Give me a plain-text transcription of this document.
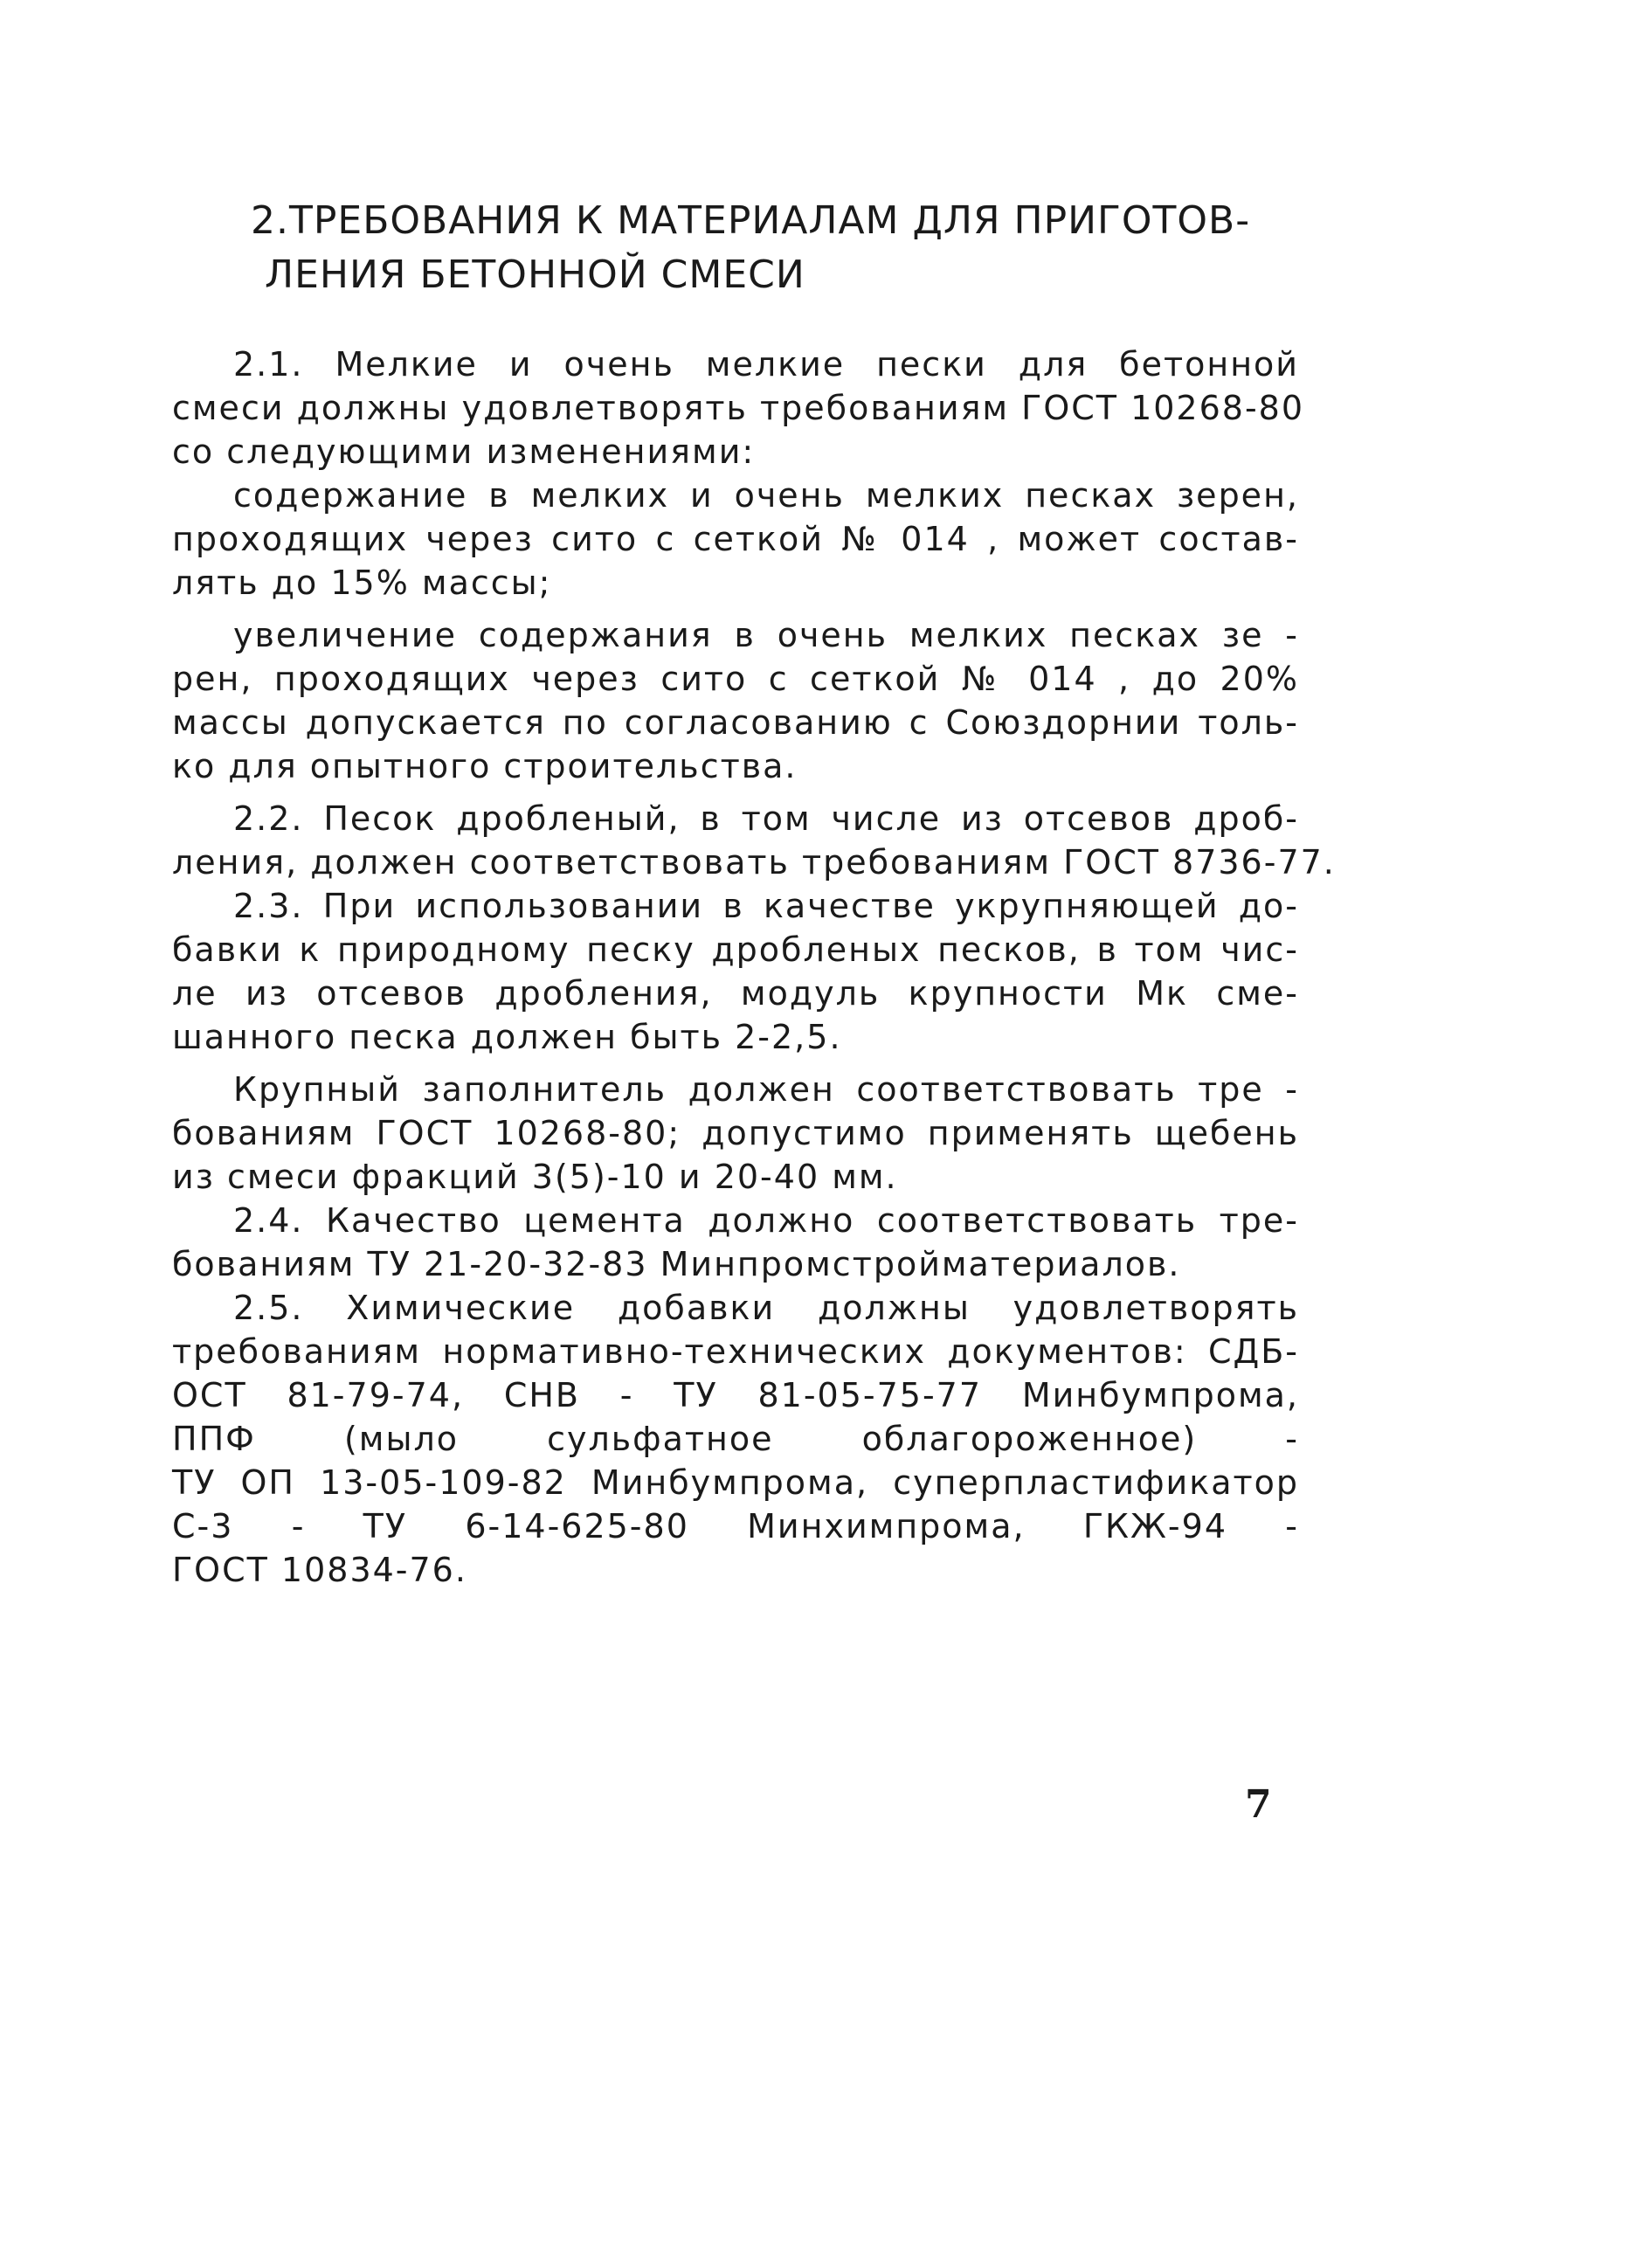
2.ТРЕБОВАНИЯ К МАТЕРИАЛАМ ДЛЯ ПРИГОТОВ-
ЛЕНИЯ БЕТОННОЙ СМЕСИ
2.1. Мелкие и очень мелкие пески для бетонной
смеси должны удовлетворять требованиям ГОСТ 10268-80
со следующими изменениями:
содержание в мелких и очень мелких песках зерен,
проходящих через сито с сеткой № 014 , может состав-
лять до 15% массы;
увеличение содержания в очень мелких песках зе -
рен, проходящих через сито с сеткой № 014 , до 20%
массы допускается по согласованию с Союздорнии толь-
ко для опытного строительства.
2.2. Песок дробленый, в том числе из отсевов дроб-
ления, должен соответствовать требованиям ГОСТ 8736-77.
2.3. При использовании в качестве укрупняющей до-
бавки к природному песку дробленых песков, в том чис-
ле из отсевов дробления, модуль крупности Мк сме-
шанного песка должен быть 2-2,5.
Крупный заполнитель должен соответствовать тре -
бованиям ГОСТ 10268-80; допустимо применять щебень
из смеси фракций 3(5)-10 и 20-40 мм.
2.4. Качество цемента должно соответствовать тре-
бованиям ТУ 21-20-32-83 Минпромстройматериалов.
2.5. Химические добавки должны удовлетворять
требованиям нормативно-технических документов: СДБ-
ОСТ 81-79-74, СНВ - ТУ 81-05-75-77 Минбумпрома,
ППФ (мыло сульфатное облагороженное) -
ТУ ОП 13-05-109-82 Минбумпрома, суперпластификатор
С-3 - ТУ 6-14-625-80 Минхимпрома, ГКЖ-94 -
ГОСТ 10834-76.
7
